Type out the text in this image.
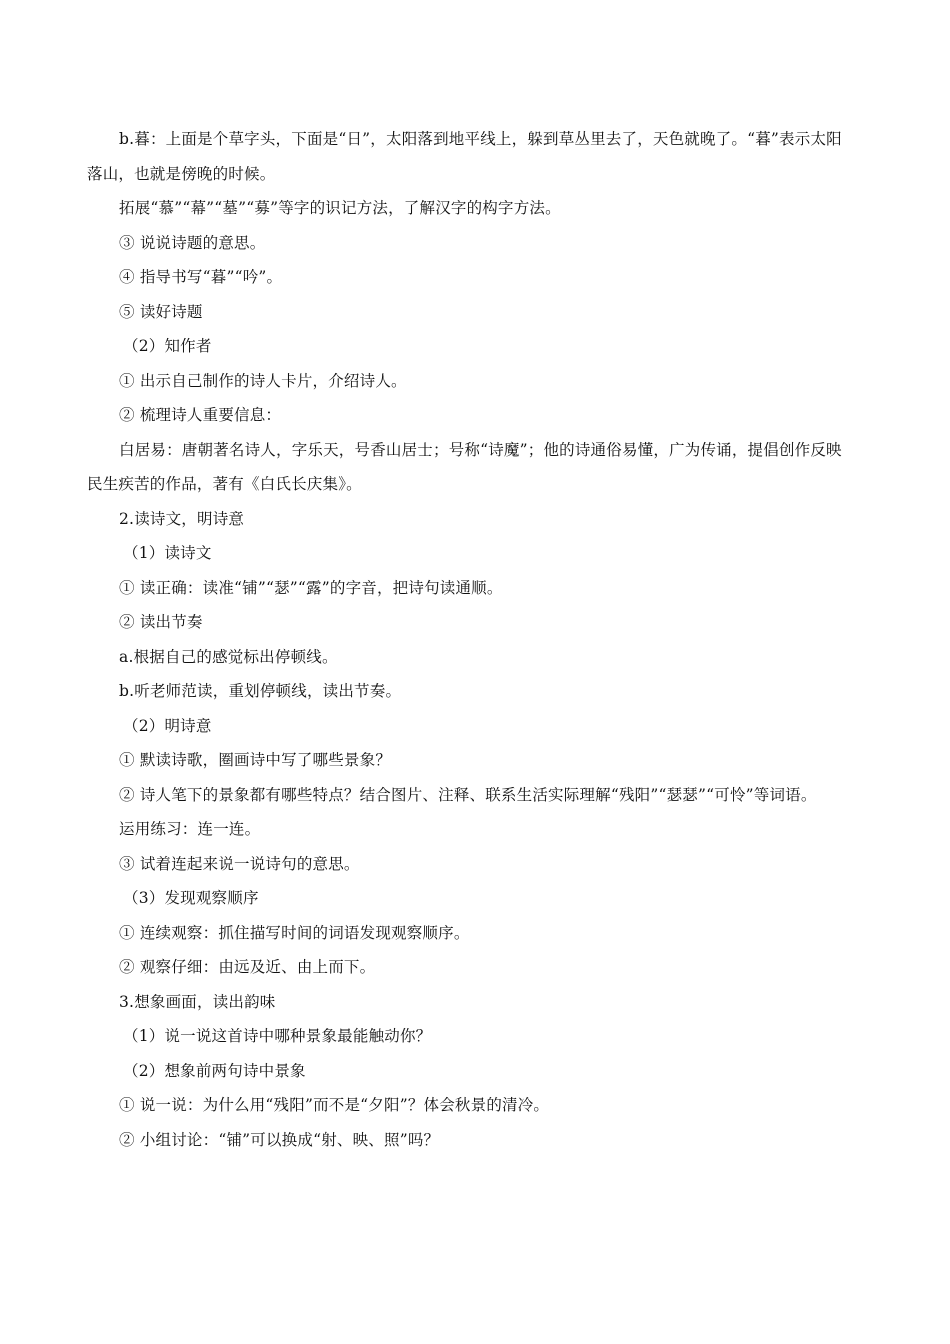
b.暮：上面是个草字头，下面是“日”，太阳落到地平线上，躲到草丛里去了，天色就晚了。“暮”表示太阳落山，也就是傍晚的时候。
拓展“慕”“幕”“墓”“募”等字的识记方法，了解汉字的构字方法。
③ 说说诗题的意思。
④ 指导书写“暮”“吟”。
⑤ 读好诗题
（2）知作者
① 出示自己制作的诗人卡片，介绍诗人。
② 梳理诗人重要信息：
白居易：唐朝著名诗人，字乐天，号香山居士；号称“诗魔”；他的诗通俗易懂，广为传诵，提倡创作反映民生疾苦的作品，著有《白氏长庆集》。
2.读诗文，明诗意
（1）读诗文
① 读正确：读准“铺”“瑟”“露”的字音，把诗句读通顺。
② 读出节奏
a.根据自己的感觉标出停顿线。
b.听老师范读，重划停顿线，读出节奏。
（2）明诗意
① 默读诗歌，圈画诗中写了哪些景象？
② 诗人笔下的景象都有哪些特点？结合图片、注释、联系生活实际理解“残阳”“瑟瑟”“可怜”等词语。
运用练习：连一连。
③ 试着连起来说一说诗句的意思。
（3）发现观察顺序
① 连续观察：抓住描写时间的词语发现观察顺序。
② 观察仔细：由远及近、由上而下。
3.想象画面，读出韵味
（1）说一说这首诗中哪种景象最能触动你？
（2）想象前两句诗中景象
① 说一说：为什么用“残阳”而不是“夕阳”？体会秋景的清冷。
② 小组讨论：“铺”可以换成“射、映、照”吗？
